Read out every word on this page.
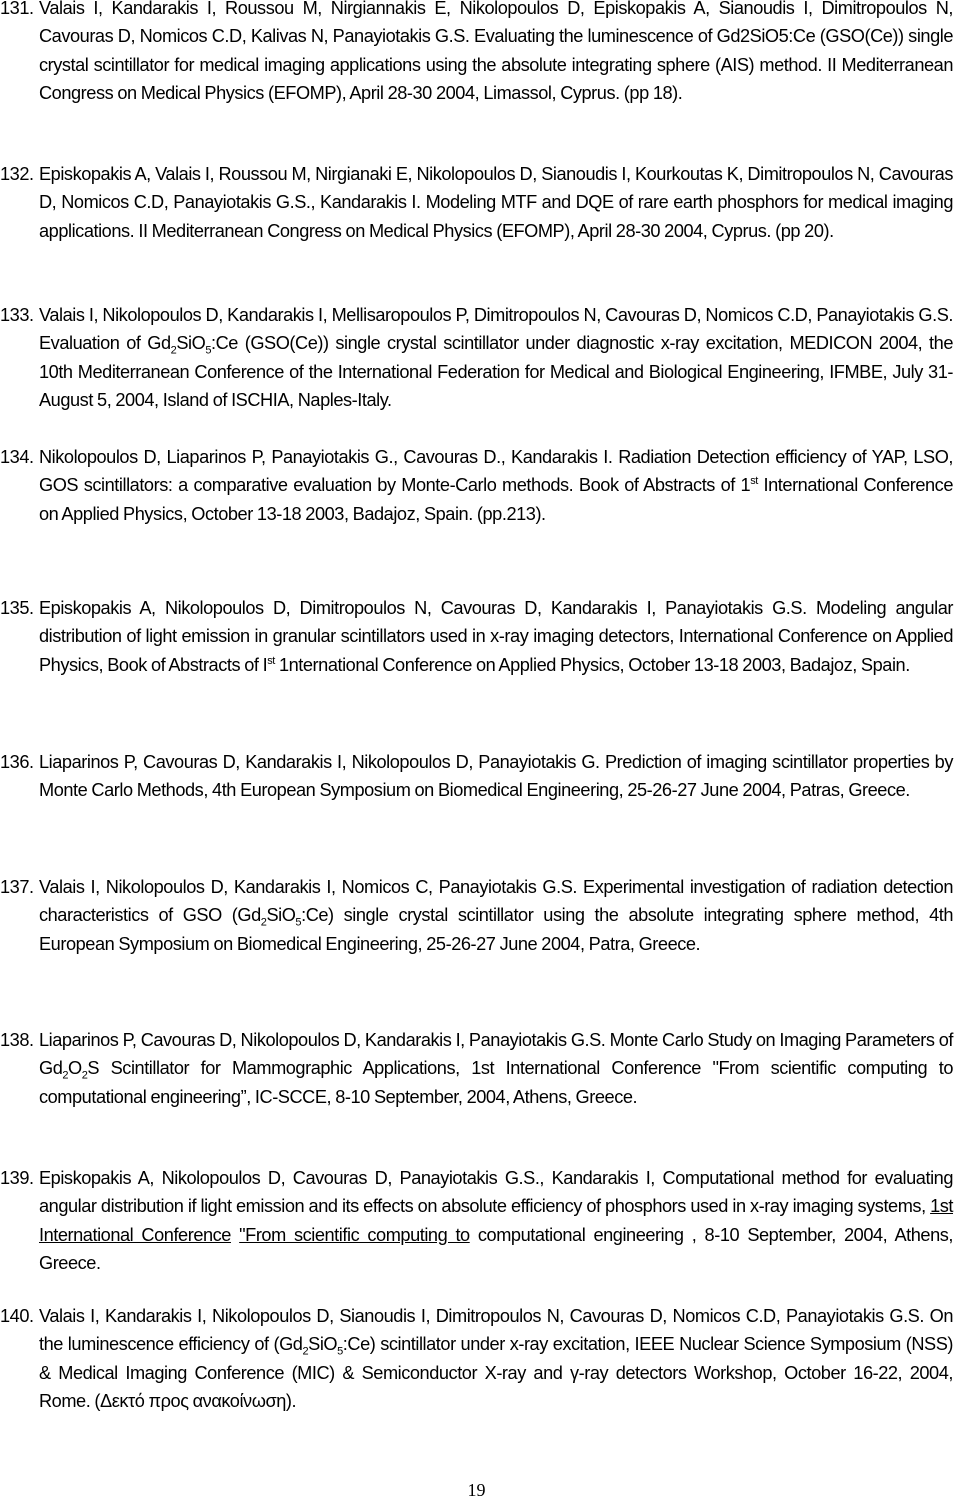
131. Valais I, Kandarakis I, Roussou M, Nirgiannakis E, Nikolopoulos D, Episkopakis A, Sianoudis I, Dimitropoulos N, Cavouras D, Nomicos C.D, Kalivas N, Panayiotakis G.S. Evaluating the luminescence of Gd2SiO5:Ce (GSO(Ce)) single crystal scintillator for medical imaging applications using the absolute integrating sphere (AIS) method. II Mediterranean Congress on Medical Physics (EFOMP), April 28-30 2004, Limassol, Cyprus. (pp 18).
132. Episkopakis A, Valais I, Roussou M, Nirgianaki E, Nikolopoulos D, Sianoudis I, Kourkoutas K, Dimitropoulos N, Cavouras D, Nomicos C.D, Panayiotakis G.S., Kandarakis I. Modeling MTF and DQE of rare earth phosphors for medical imaging applications. II Mediterranean Congress on Medical Physics (EFOMP), April 28-30 2004, Cyprus. (pp 20).
133. Valais I, Nikolopoulos D, Kandarakis I, Mellisaropoulos P, Dimitropoulos N, Cavouras D, Nomicos C.D, Panayiotakis G.S. Evaluation of $Gd_2SiO_5:Ce$ (GSO(Ce)) single crystal scintillator under diagnostic x-ray excitation, MEDICON 2004, the 10th Mediterranean Conference of the International Federation for Medical and Biological Engineering, IFMBE, July 31-August 5, 2004, Island of ISCHIA, Naples-Italy.
134. Nikolopoulos D, Liaparinos P, Panayiotakis G., Cavouras D., Kandarakis I. Radiation Detection efficiency of YAP, LSO, GOS scintillators: a comparative evaluation by Monte-Carlo methods. Book of Abstracts of 1st International Conference on Applied Physics, October 13-18 2003, Badajoz, Spain. (pp.213).
135. Episkopakis A, Nikolopoulos D, Dimitropoulos N, Cavouras D, Kandarakis I, Panayiotakis G.S. Modeling angular distribution of light emission in granular scintillators used in x-ray imaging detectors, International Conference on Applied Physics, Book of Abstracts of Ist 1nternational Conference on Applied Physics, October 13-18 2003, Badajoz, Spain.
136. Liaparinos P, Cavouras D, Kandarakis I, Nikolopoulos D, Panayiotakis G. Prediction of imaging scintillator properties by Monte Carlo Methods, 4th European Symposium on Biomedical Engineering, 25-26-27 June 2004, Patras, Greece.
137. Valais I, Nikolopoulos D, Kandarakis I, Nomicos C, Panayiotakis G.S. Experimental investigation of radiation detection characteristics of GSO $(Gd_2SiO_5:Ce)$ single crystal scintillator using the absolute integrating sphere method, 4th European Symposium on Biomedical Engineering, 25-26-27 June 2004, Patra, Greece.
138. Liaparinos P, Cavouras D, Nikolopoulos D, Kandarakis I, Panayiotakis G.S. Monte Carlo Study on Imaging Parameters of $Gd_2O_2S$ Scintillator for Mammographic Applications, 1st International Conference "From scientific computing to computational engineering”, IC-SCCE, 8-10 September, 2004, Athens, Greece.
139. Episkopakis A, Nikolopoulos D, Cavouras D, Panayiotakis G.S., Kandarakis I, Computational method for evaluating angular distribution if light emission and its effects on absolute efficiency of phosphors used in x-ray imaging systems, 1st International Conference "From scientific computing to computational engineering , 8-10 September, 2004, Athens, Greece.
140. Valais I, Kandarakis I, Nikolopoulos D, Sianoudis I, Dimitropoulos N, Cavouras D, Nomicos C.D, Panayiotakis G.S. On the luminescence efficiency of $(Gd_2SiO_5:Ce)$ scintillator under x-ray excitation, IEEE Nuclear Science Symposium (NSS) & Medical Imaging Conference (MIC) & Semiconductor X-ray and γ-ray detectors Workshop, October 16-22, 2004, Rome. (Δεκτό προς ανακοίνωση).
19
